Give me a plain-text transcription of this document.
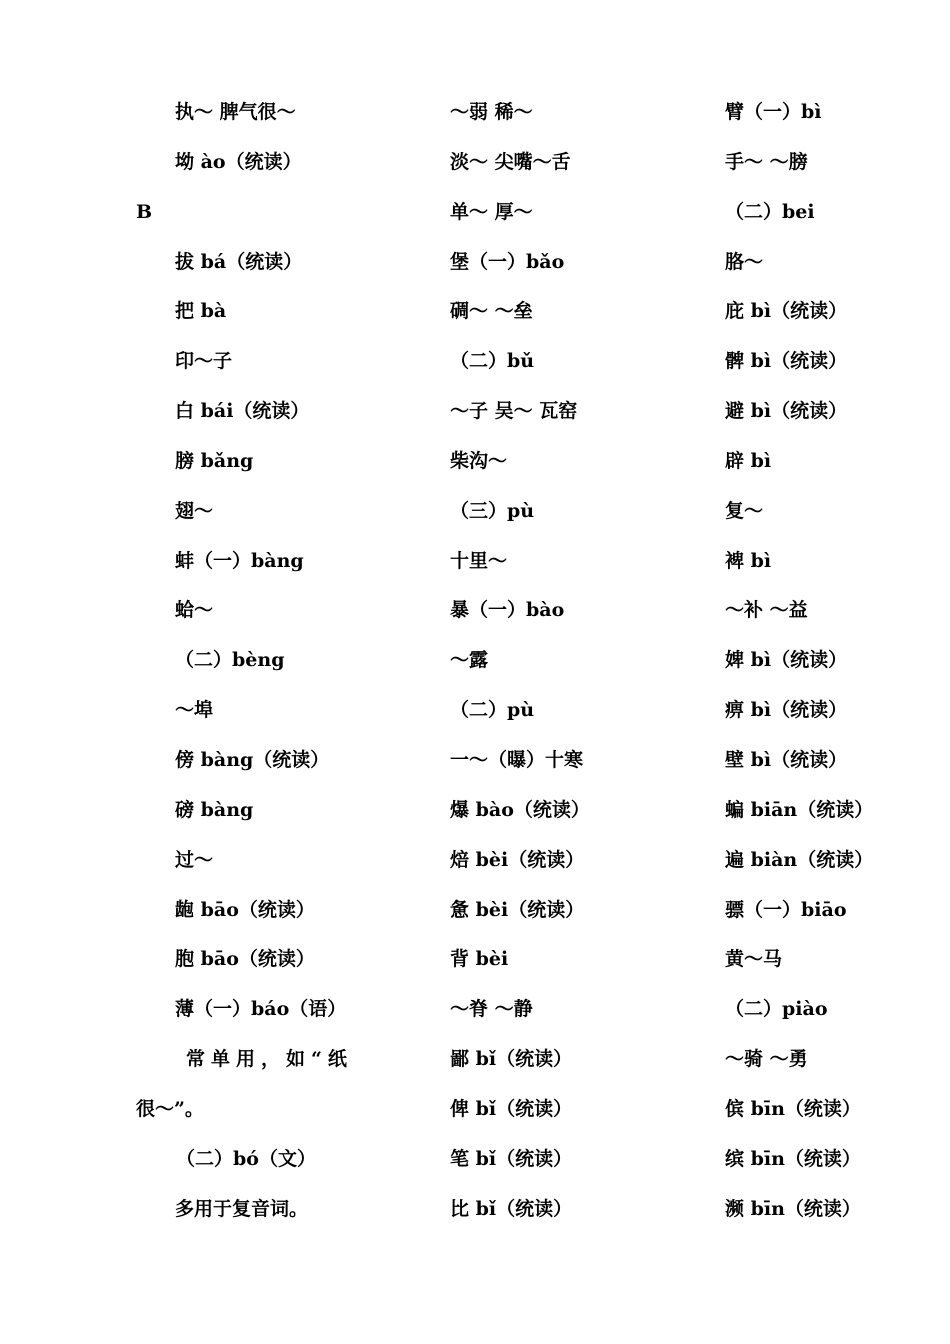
执～ 脾气很～
坳 ào（统读）
B
拔 bá（统读）
把 bà
印～子
白 bái（统读）
膀 bǎng
翅～
蚌（一）bàng
蛤～
（二）bèng
～埠
傍 bàng（统读）
磅 bàng
过～
龅 bāo（统读）
胞 bāo（统读）
薄（一）báo（语）
常单用，如“纸
很～”。
（二）bó（文）
多用于复音词。
～弱 稀～
淡～ 尖嘴～舌
单～ 厚～
堡（一）bǎo
碉～ ～垒
（二）bǔ
～子 吴～ 瓦窑
柴沟～
（三）pù
十里～
暴（一）bào
～露
（二）pù
一～（曝）十寒
爆 bào（统读）
焙 bèi（统读）
惫 bèi（统读）
背 bèi
～脊 ～静
鄙 bǐ（统读）
俾 bǐ（统读）
笔 bǐ（统读）
比 bǐ（统读）
臂（一）bì
手～ ～膀
（二）bei
胳～
庇 bì（统读）
髀 bì（统读）
避 bì（统读）
辟 bì
复～
裨 bì
～补 ～益
婢 bì（统读）
痹 bì（统读）
壁 bì（统读）
蝙 biān（统读）
遍 biàn（统读）
骠（一）biāo
黄～马
（二）piào
～骑 ～勇
傧 bīn（统读）
缤 bīn（统读）
濒 bīn（统读）
